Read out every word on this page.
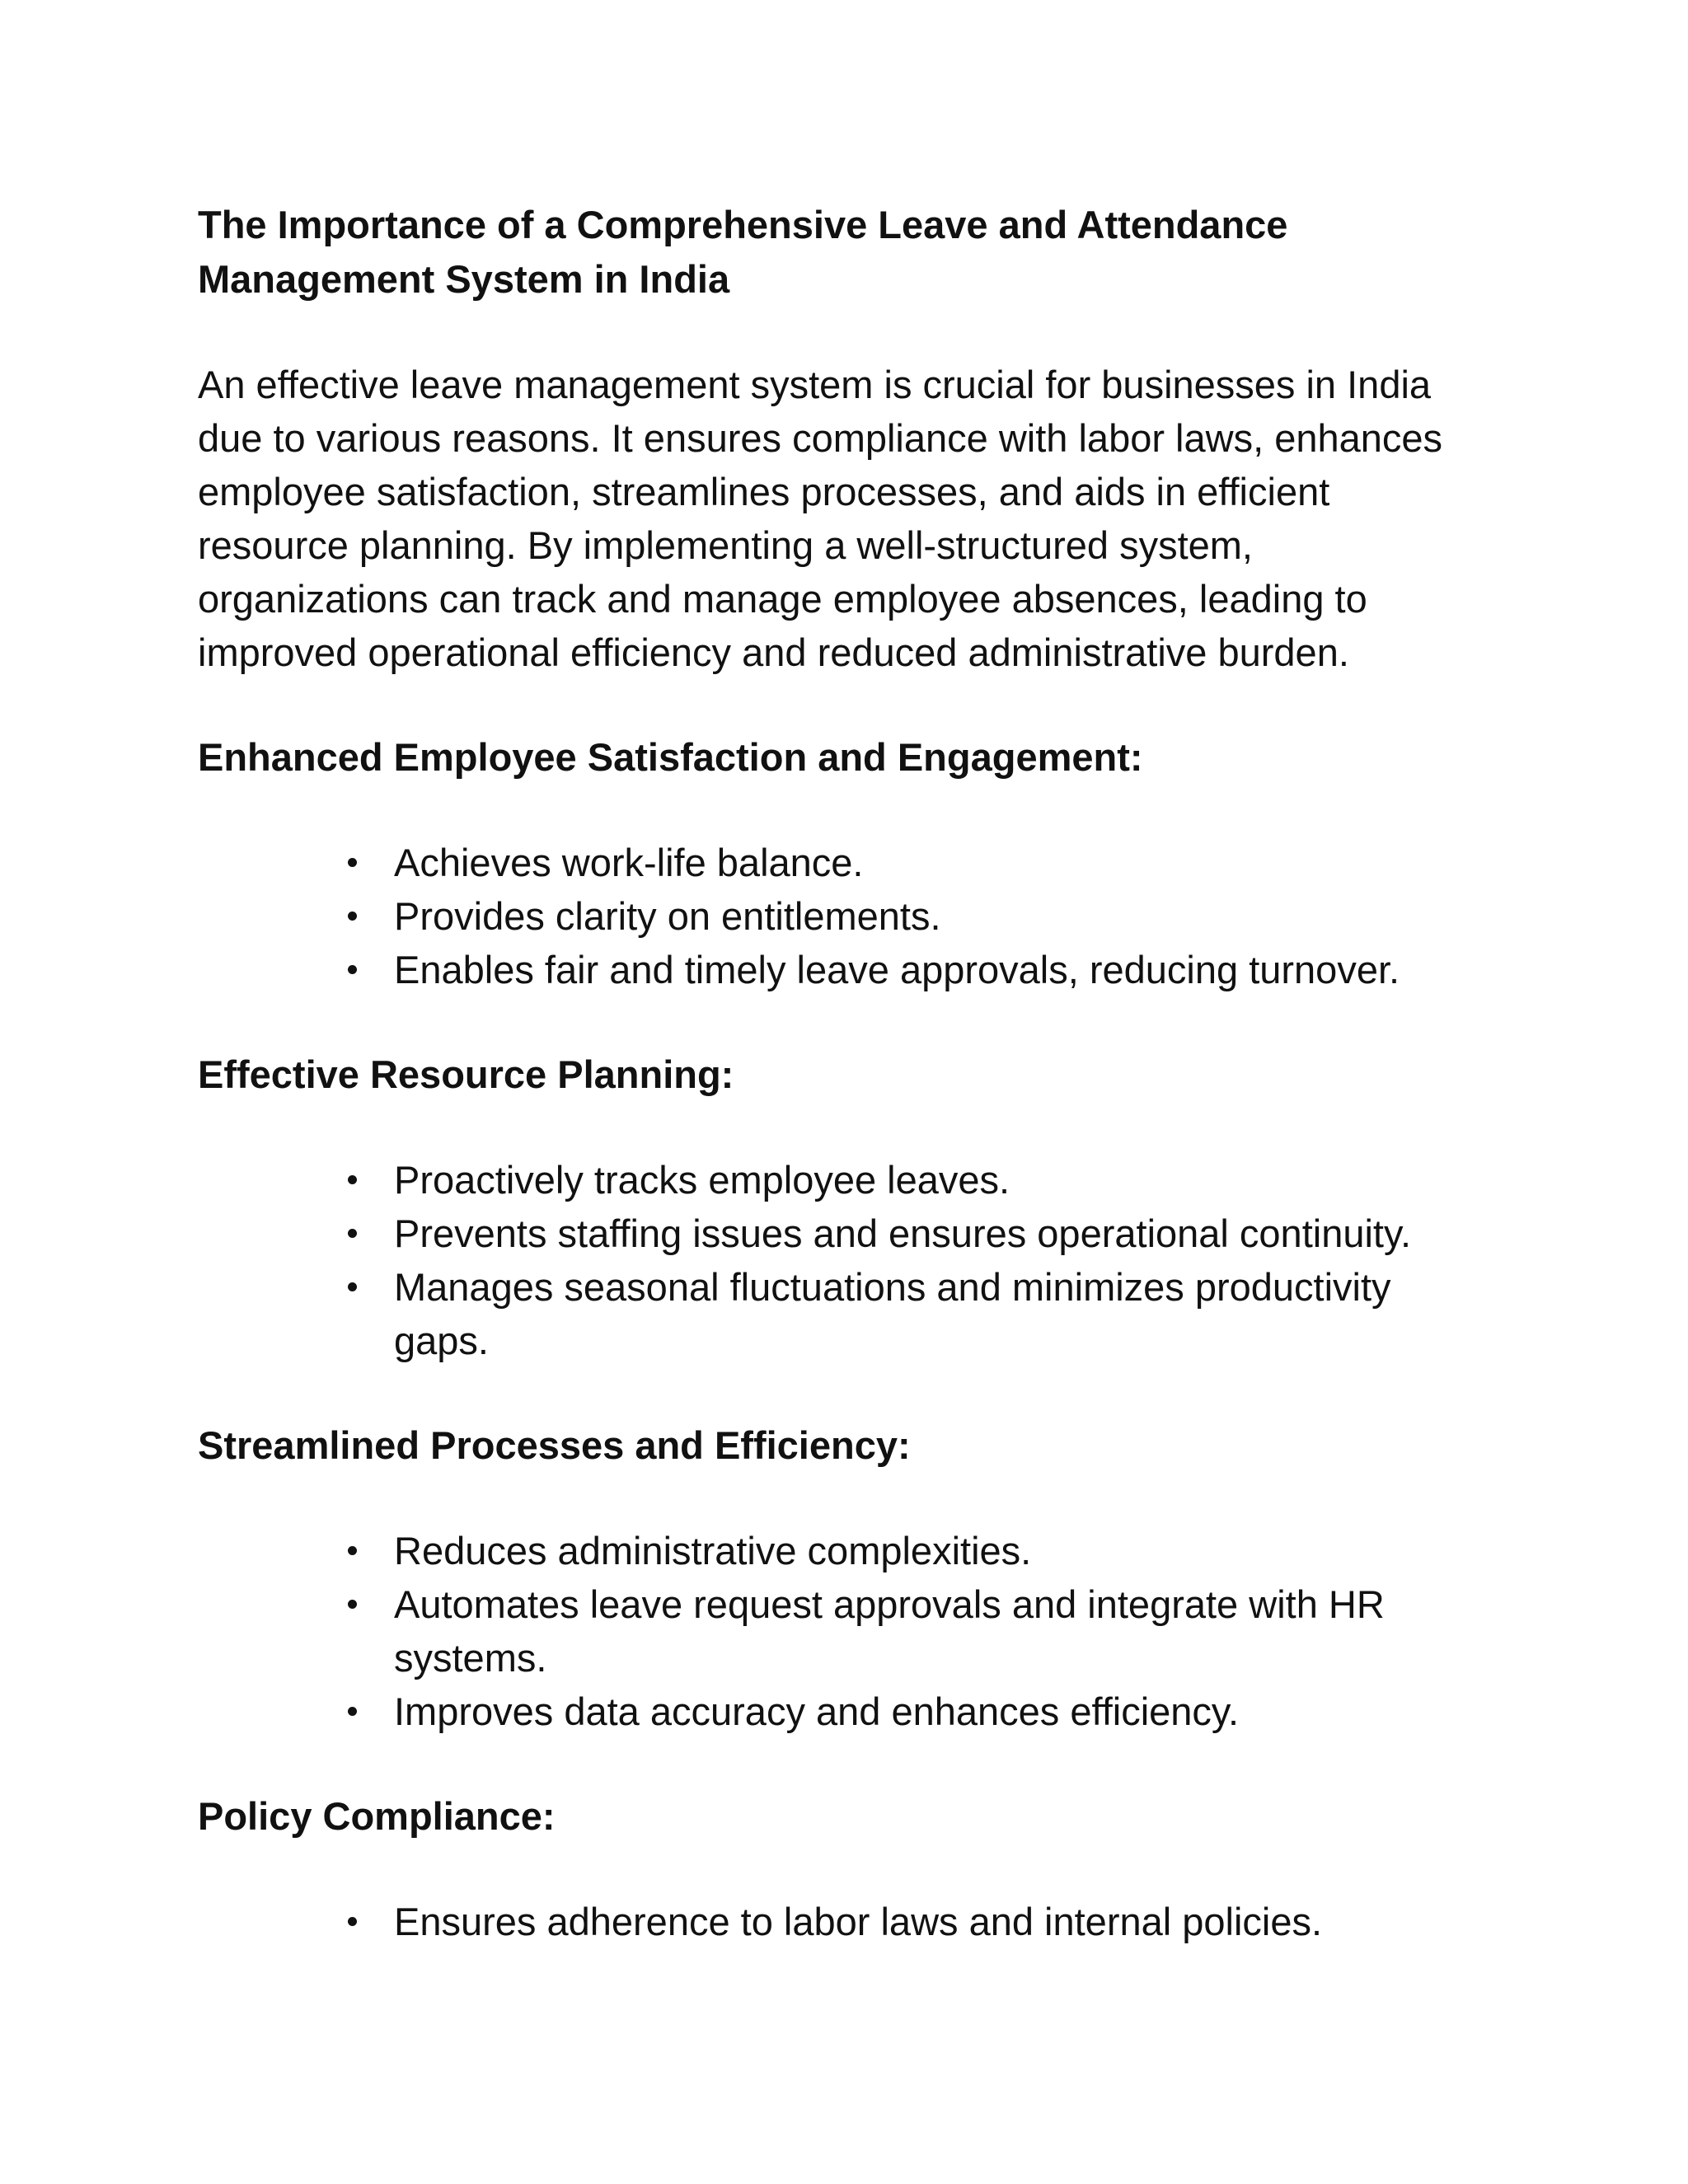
The Importance of a Comprehensive Leave and Attendance Management System in India

An effective leave management system is crucial for businesses in India due to various reasons. It ensures compliance with labor laws, enhances employee satisfaction, streamlines processes, and aids in efficient resource planning. By implementing a well-structured system, organizations can track and manage employee absences, leading to improved operational efficiency and reduced administrative burden.

Enhanced Employee Satisfaction and Engagement:
Achieves work-life balance.
Provides clarity on entitlements.
Enables fair and timely leave approvals, reducing turnover.
Effective Resource Planning:
Proactively tracks employee leaves.
Prevents staffing issues and ensures operational continuity.
Manages seasonal fluctuations and minimizes productivity gaps.
Streamlined Processes and Efficiency:
Reduces administrative complexities.
Automates leave request approvals and integrate with HR systems.
Improves data accuracy and enhances efficiency.
Policy Compliance:
Ensures adherence to labor laws and internal policies.
